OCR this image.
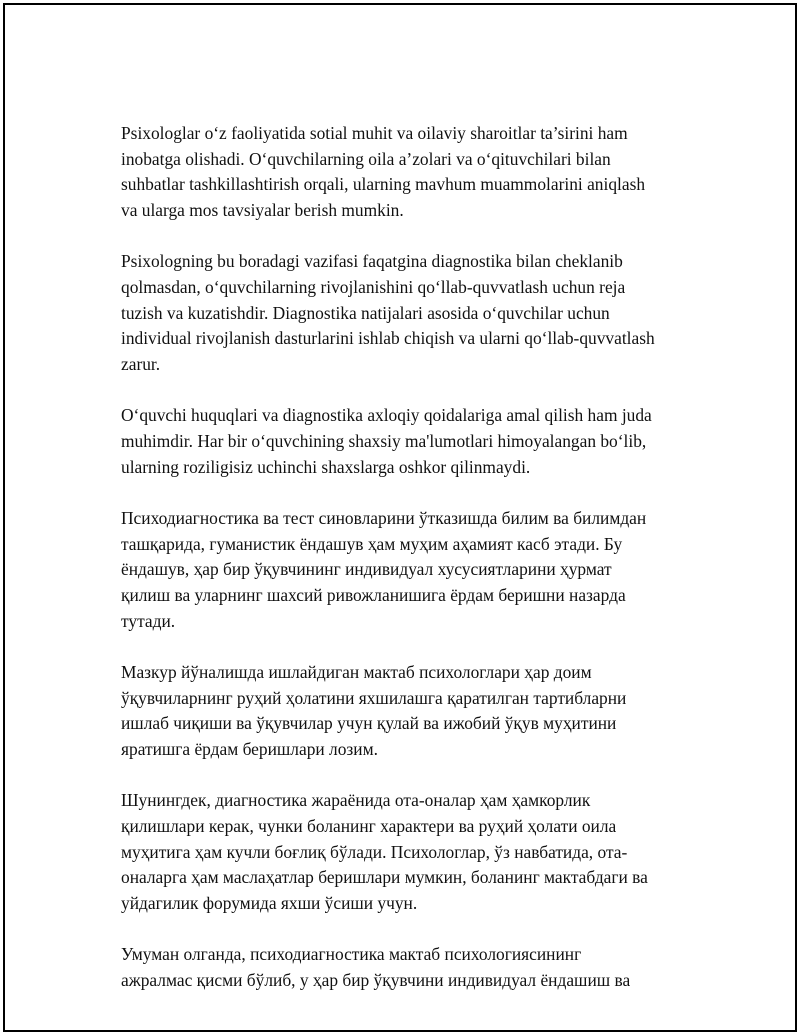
Psixologlar o‘z faoliyatida sotial muhit va oilaviy sharoitlar ta’sirini ham
inobatga olishadi. O‘quvchilarning oila a’zolari va o‘qituvchilari bilan
suhbatlar tashkillashtirish orqali, ularning mavhum muammolarini aniqlash
va ularga mos tavsiyalar berish mumkin.

Psixologning bu boradagi vazifasi faqatgina diagnostika bilan cheklanib
qolmasdan, o‘quvchilarning rivojlanishini qo‘llab-quvvatlash uchun reja
tuzish va kuzatishdir. Diagnostika natijalari asosida o‘quvchilar uchun
individual rivojlanish dasturlarini ishlab chiqish va ularni qo‘llab-quvvatlash
zarur.

O‘quvchi huquqlari va diagnostika axloqiy qoidalariga amal qilish ham juda
muhimdir. Har bir o‘quvchining shaxsiy ma'lumotlari himoyalangan bo‘lib,
ularning roziligisiz uchinchi shaxslarga oshkor qilinmaydi.

Психодиагностика ва тест синовларини ўтказишда билим ва билимдан
ташқарида, гуманистик ёндашув ҳам муҳим аҳамият касб этади. Бу
ёндашув, ҳар бир ўқувчининг индивидуал хусусиятларини ҳурмат
қилиш ва уларнинг шахсий ривожланишига ёрдам беришни назарда
тутади.

Мазкур йўналишда ишлайдиган мактаб психологлари ҳар доим
ўқувчиларнинг руҳий ҳолатини яхшилашга қаратилган тартибларни
ишлаб чиқиши ва ўқувчилар учун қулай ва ижобий ўқув муҳитини
яратишга ёрдам беришлари лозим.

Шунингдек, диагностика жараёнида ота-оналар ҳам ҳамкорлик
қилишлари керак, чунки боланинг характери ва руҳий ҳолати оила
муҳитига ҳам кучли боғлиқ бўлади. Психологлар, ўз навбатида, ота-
оналарга ҳам маслаҳатлар беришлари мумкин, боланинг мактабдаги ва
уйдагилик форумида яхши ўсиши учун.

Умуман олганда, психодиагностика мактаб психологиясининг
ажралмас қисми бўлиб, у ҳар бир ўқувчини индивидуал ёндашиш ва
